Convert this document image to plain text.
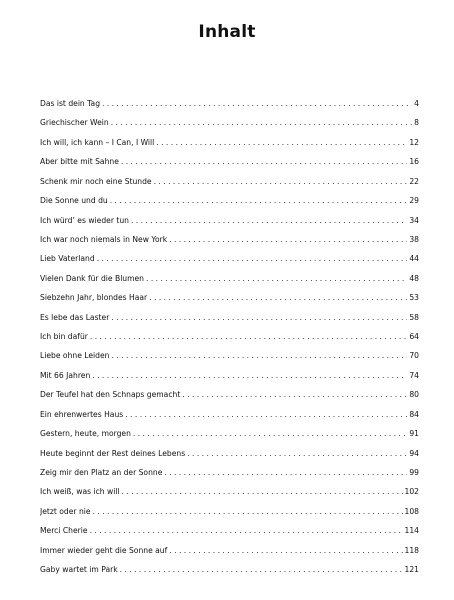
Inhalt
Das ist dein Tag . . .	4
Griechischer Wein . . .	8
Ich will, ich kann – I Can, I Will . . .	12
Aber bitte mit Sahne . . .	16
Schenk mir noch eine Stunde . . .	22
Die Sonne und du . . .	29
Ich würd’ es wieder tun . . .	34
Ich war noch niemals in New York . . .	38
Lieb Vaterland . . .	44
Vielen Dank für die Blumen . . .	48
Siebzehn Jahr, blondes Haar . . .	53
Es lebe das Laster . . .	58
Ich bin dafür . . .	64
Liebe ohne Leiden . . .	70
Mit 66 Jahren . . .	74
Der Teufel hat den Schnaps gemacht . . .	80
Ein ehrenwertes Haus . . .	84
Gestern, heute, morgen . . .	91
Heute beginnt der Rest deines Lebens . . .	94
Zeig mir den Platz an der Sonne . . .	99
Ich weiß, was ich will . . .	102
Jetzt oder nie . . .	108
Merci Cherie . . .	114
Immer wieder geht die Sonne auf . . .	118
Gaby wartet im Park . . .	121
